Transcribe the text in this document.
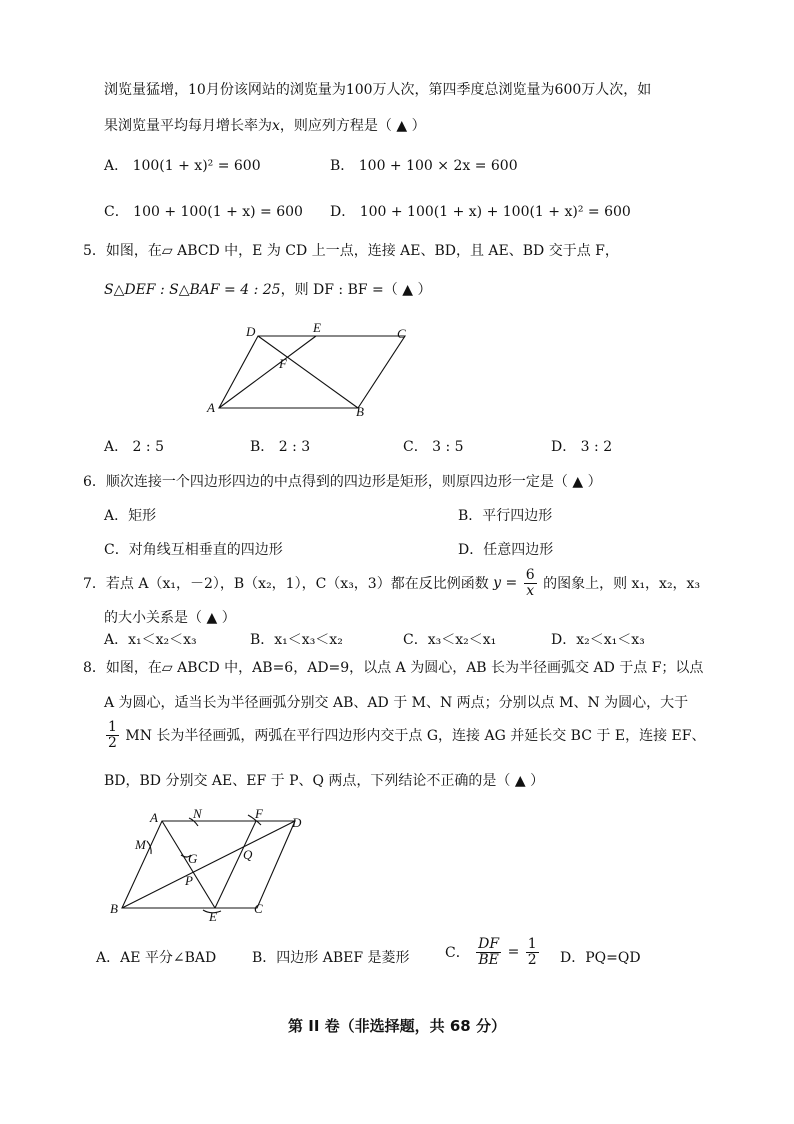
浏览量猛增，10月份该网站的浏览量为100万人次，第四季度总浏览量为600万人次，如
果浏览量平均每月增长率为x，则应列方程是（ ▲ ）
A． 100(1 + x)² = 600	B． 100 + 100 × 2x = 600
C． 100 + 100(1 + x) = 600 D． 100 + 100(1 + x) + 100(1 + x)² = 600
5．如图，在▱ ABCD 中，E 为 CD 上一点，连接 AE、BD，且 AE、BD 交于点 F，
S△DEF : S△BAF = 4 : 25，则 DF : BF =（ ▲ ）
D	E	C
F
A	B
A． 2 : 5	B． 2 : 3	C． 3 : 5	D． 3 : 2
6．顺次连接一个四边形四边的中点得到的四边形是矩形，则原四边形一定是（ ▲ ）
A．矩形	B．平行四边形
C．对角线互相垂直的四边形	D．任意四边形
7．若点 A（x₁，－2），B（x₂，1），C（x₃，3）都在反比例函数 $y = \frac{6}{x}$ 的图象上，则 x₁，x₂，x₃
的大小关系是（ ▲ ）
A．x₁＜x₂＜x₃	B．x₁＜x₃＜x₂	C．x₃＜x₂＜x₁	D．x₂＜x₁＜x₃
8．如图，在▱ ABCD 中，AB=6，AD=9，以点 A 为圆心，AB 长为半径画弧交 AD 于点 F；以点
A 为圆心，适当长为半径画弧分别交 AB、AD 于 M、N 两点；分别以点 M、N 为圆心，大于
$\frac{1}{2}$ MN 长为半径画弧，两弧在平行四边形内交于点 G，连接 AG 并延长交 BC 于 E，连接 EF、
BD，BD 分别交 AE、EF 于 P、Q 两点，下列结论不正确的是（ ▲ ）
A	N	F
D
M
G	Q
P
B
E
C
A．AE 平分∠BAD	B．四边形 ABEF 是菱形	C． $\frac{DF}{BE} = \frac{1}{2}$ D．PQ=QD
第 II 卷（非选择题，共 68 分）
